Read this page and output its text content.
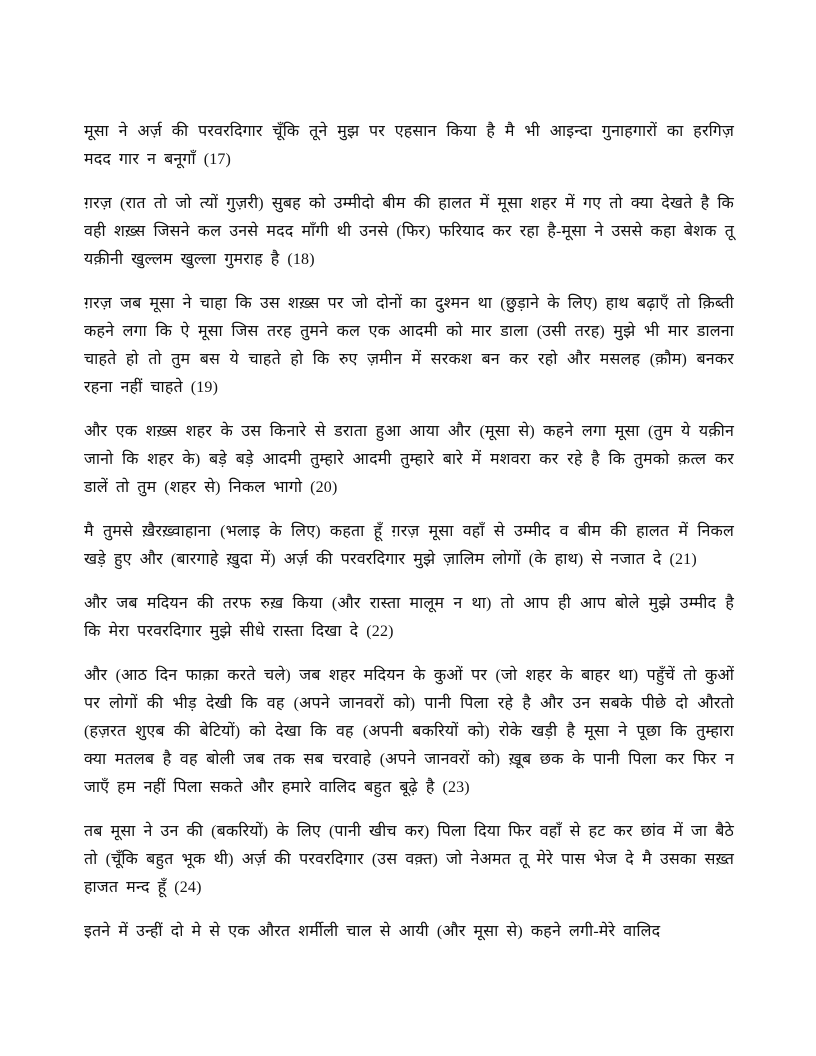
मूसा ने अर्ज़ की परवरदिगार चूँकि तूने मुझ पर एहसान किया है मै भी आइन्दा गुनाहगारों का हरगिज़ मदद गार न बनूगाँ (17)

ग़रज़ (रात तो जो त्यों गुज़री) सुबह को उम्मीदो बीम की हालत में मूसा शहर में गए तो क्या देखते है कि वही शख़्स जिसने कल उनसे मदद माँगी थी उनसे (फिर) फरियाद कर रहा है-मूसा ने उससे कहा बेशक तू यक़ीनी खुल्लम खुल्ला गुमराह है (18)

ग़रज़ जब मूसा ने चाहा कि उस शख़्स पर जो दोनों का दुश्मन था (छुड़ाने के लिए) हाथ बढ़ाएँ तो क़िब्ती कहने लगा कि ऐ मूसा जिस तरह तुमने कल एक आदमी को मार डाला (उसी तरह) मुझे भी मार डालना चाहते हो तो तुम बस ये चाहते हो कि रुए ज़मीन में सरकश बन कर रहो और मसलह (क़ौम) बनकर रहना नहीं चाहते (19)

और एक शख़्स शहर के उस किनारे से डराता हुआ आया और (मूसा से) कहने लगा मूसा (तुम ये यक़ीन जानो कि शहर के) बड़े बड़े आदमी तुम्हारे आदमी तुम्हारे बारे में मशवरा कर रहे है कि तुमको क़त्ल कर डालें तो तुम (शहर से) निकल भागो (20)

मै तुमसे ख़ैरख़्वाहाना (भलाइ के लिए) कहता हूँ ग़रज़ मूसा वहाँ से उम्मीद व बीम की हालत में निकल खड़े हुए और (बारगाहे ख़ुदा में) अर्ज़ की परवरदिगार मुझे ज़ालिम लोगों (के हाथ) से नजात दे (21)

और जब मदियन की तरफ रुख़ किया (और रास्ता मालूम न था) तो आप ही आप बोले मुझे उम्मीद है कि मेरा परवरदिगार मुझे सीधे रास्ता दिखा दे (22)

और (आठ दिन फाक़ा करते चले) जब शहर मदियन के कुओं पर (जो शहर के बाहर था) पहुँचें तो कुओं पर लोगों की भीड़ देखी कि वह (अपने जानवरों को) पानी पिला रहे है और उन सबके पीछे दो औरतो (हज़रत शुएब की बेटियों) को देखा कि वह (अपनी बकरियों को) रोके खड़ी है मूसा ने पूछा कि तुम्हारा क्या मतलब है वह बोली जब तक सब चरवाहे (अपने जानवरों को) ख़ूब छक के पानी पिला कर फिर न जाएँ हम नहीं पिला सकते और हमारे वालिद बहुत बूढ़े है (23)

तब मूसा ने उन की (बकरियों) के लिए (पानी खीच कर) पिला दिया फिर वहाँ से हट कर छांव में जा बैठे तो (चूँकि बहुत भूक थी) अर्ज़ की परवरदिगार (उस वक़्त) जो नेअमत तू मेरे पास भेज दे मै उसका सख़्त हाजत मन्द हूँ (24)

इतने में उन्हीं दो मे से एक औरत शर्मीली चाल से आयी (और मूसा से) कहने लगी-मेरे वालिद
